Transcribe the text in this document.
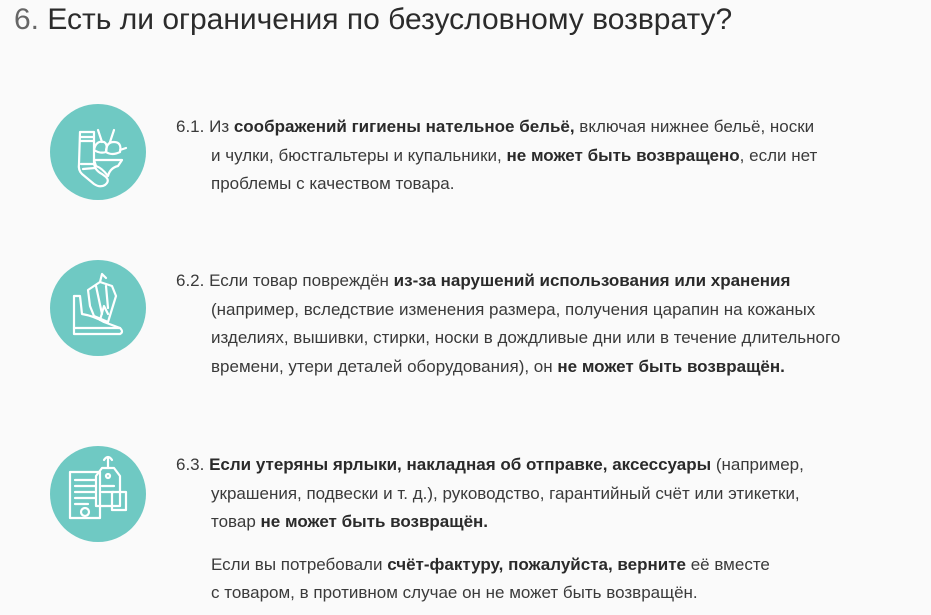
6. Есть ли ограничения по безусловному возврату?
6.1. Из соображений гигиены нательное бельё, включая нижнее бельё, носки
и чулки, бюстгальтеры и купальники, не может быть возвращено, если нет
проблемы с качеством товара.
6.2. Если товар повреждён из-за нарушений использования или хранения
(например, вследствие изменения размера, получения царапин на кожаных
изделиях, вышивки, стирки, носки в дождливые дни или в течение длительного
времени, утери деталей оборудования), он не может быть возвращён.
6.3. Если утеряны ярлыки, накладная об отправке, аксессуары (например,
украшения, подвески и т. д.), руководство, гарантийный счёт или этикетки,
товар не может быть возвращён.
Если вы потребовали счёт-фактуру, пожалуйста, верните её вместе
с товаром, в противном случае он не может быть возвращён.
